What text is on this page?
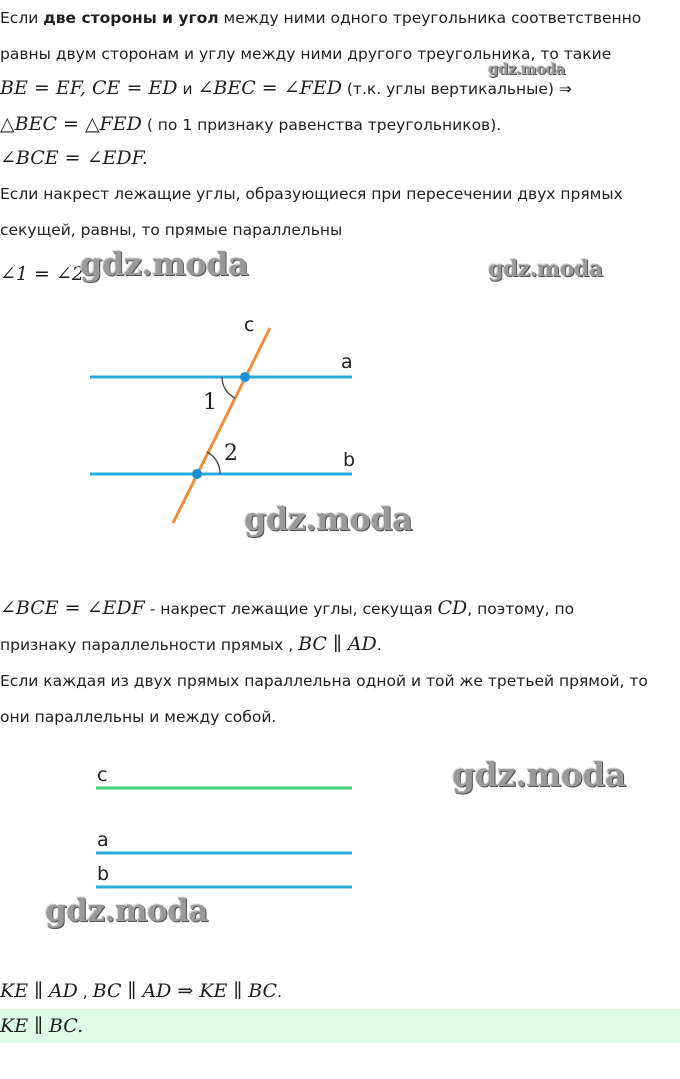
Если две стороны и угол между ними одного треугольника соответственно
равны двум сторонам и углу между ними другого треугольника, то такие
BE = EF, CE = ED и ∠BEC = ∠FED (т.к. углы вертикальные) ⇒
△BEC = △FED ( по 1 признаку равенства треугольников).
∠BCE = ∠EDF.
Если накрест лежащие углы, образующиеся при пересечении двух прямых
секущей, равны, то прямые параллельны
∠1 = ∠2
c
a
b
1
2
gdz.moda
gdz.moda	gdz.moda
gdz.moda
∠BCE = ∠EDF - накрест лежащие углы, секущая CD, поэтому, по
признаку параллельности прямых , BC ∥ AD.
Если каждая из двух прямых параллельна одной и той же третьей прямой, то
они параллельны и между собой.
c
a
b
gdz.moda
gdz.moda
KE ∥ AD , BC ∥ AD ⇒ KE ∥ BC.
KE ∥ BC.
